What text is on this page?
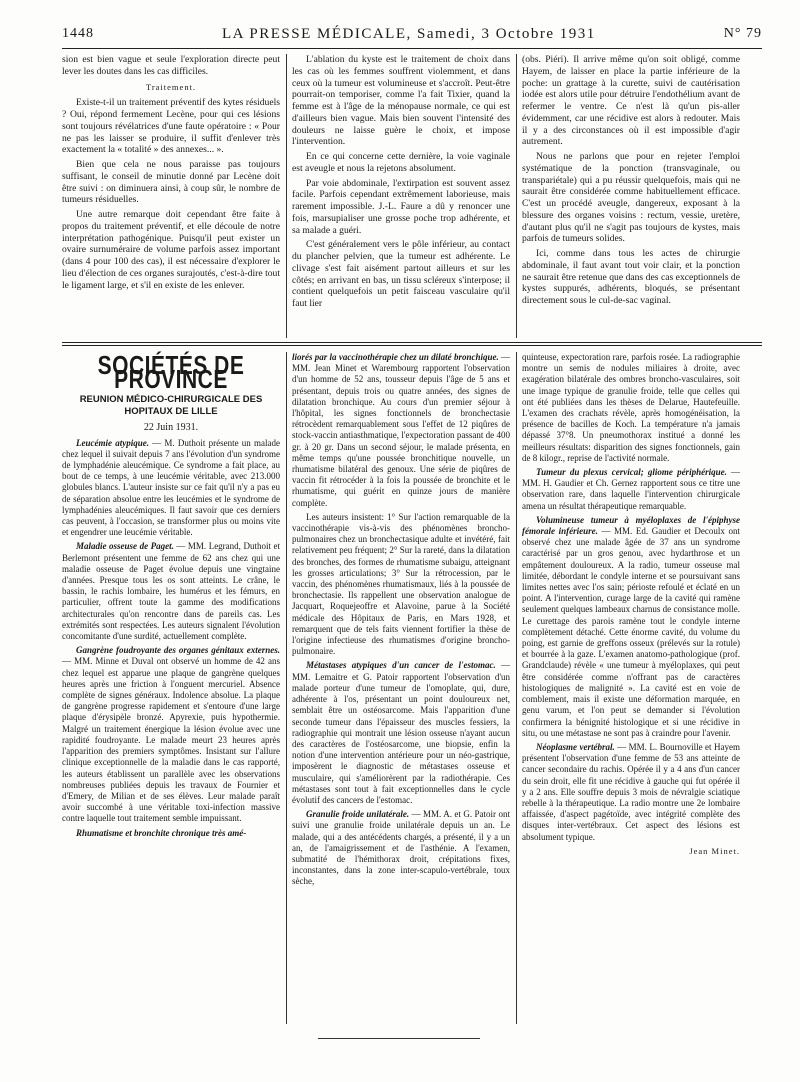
1448	LA PRESSE MÉDICALE, Samedi, 3 Octobre 1931	N° 79

sion est bien vague et seule l'exploration directe peut lever les doutes dans les cas difficiles.

Traitement.

Existe-t-il un traitement préventif des kytes résiduels ? Oui, répond fermement Lecène, pour qui ces lésions sont toujours révélatrices d'une faute opératoire : « Pour ne pas les laisser se produire, il suffit d'enlever très exactement la « totalité » des annexes... ».

Bien que cela ne nous paraisse pas toujours suffisant, le conseil de minutie donné par Lecène doit être suivi : on diminuera ainsi, à coup sûr, le nombre de tumeurs résiduelles.

Une autre remarque doit cependant être faite à propos du traitement préventif, et elle découle de notre interprétation pathogénique. Puisqu'il peut exister un ovaire surnuméraire de volume parfois assez important (dans 4 pour 100 des cas), il est nécessaire d'explorer le lieu d'élection de ces organes surajoutés, c'est-à-dire tout le ligament large, et s'il en existe de les enlever.

L'ablation du kyste est le traitement de choix dans les cas où les femmes souffrent violemment, et dans ceux où la tumeur est volumineuse et s'accroît. Peut-être pourrait-on temporiser, comme l'a fait Tixier, quand la femme est à l'âge de la ménopause normale, ce qui est d'ailleurs bien vague. Mais bien souvent l'intensité des douleurs ne laisse guère le choix, et impose l'intervention.

En ce qui concerne cette dernière, la voie vaginale est aveugle et nous la rejetons absolument.

Par voie abdominale, l'extirpation est souvent assez facile. Parfois cependant extrêmement laborieuse, mais rarement impossible. J.-L. Faure a dû y renoncer une fois, marsupialiser une grosse poche trop adhérente, et sa malade a guéri.

C'est généralement vers le pôle inférieur, au contact du plancher pelvien, que la tumeur est adhérente. Le clivage s'est fait aisément partout ailleurs et sur les côtés; en arrivant en bas, un tissu scléreux s'interpose; il contient quelquefois un petit faisceau vasculaire qu'il faut lier

(obs. Piéri). Il arrive même qu'on soit obligé, comme Hayem, de laisser en place la partie inférieure de la poche: un grattage à la curette, suivi de cautérisation iodée est alors utile pour détruire l'endothélium avant de refermer le ventre. Ce n'est là qu'un pis-aller évidemment, car une récidive est alors à redouter. Mais il y a des circonstances où il est impossible d'agir autrement.

Nous ne parlons que pour en rejeter l'emploi systématique de la ponction (transvaginale, ou transpariétale) qui a pu réussir quelquefois, mais qui ne saurait être considérée comme habituellement efficace. C'est un procédé aveugle, dangereux, exposant à la blessure des organes voisins : rectum, vessie, uretère, d'autant plus qu'il ne s'agit pas toujours de kystes, mais parfois de tumeurs solides.

Ici, comme dans tous les actes de chirurgie abdominale, il faut avant tout voir clair, et la ponction ne saurait être retenue que dans des cas exceptionnels de kystes suppurés, adhérents, bloqués, se présentant directement sous le cul-de-sac vaginal.

SOCIÉTÉS DE PROVINCE
REUNION MÉDICO-CHIRURGICALE DES HOPITAUX DE LILLE
22 Juin 1931.

Leucémie atypique. — M. Duthoit présente un malade chez lequel il suivait depuis 7 ans l'évolution d'un syndrome de lymphadénie aleucémique. Ce syndrome a fait place, au bout de ce temps, à une leucémie véritable, avec 213.000 globules blancs. L'auteur insiste sur ce fait qu'il n'y a pas eu de séparation absolue entre les leucémies et le syndrome de lymphadénies aleucémiques. Il faut savoir que ces derniers cas peuvent, à l'occasion, se transformer plus ou moins vite et engendrer une leucémie véritable.

Maladie osseuse de Paget. — MM. Legrand, Duthoit et Berlemont présentent une femme de 62 ans chez qui une maladie osseuse de Paget évolue depuis une vingtaine d'années. Presque tous les os sont atteints. Le crâne, le bassin, le rachis lombaire, les humérus et les fémurs, en particulier, offrent toute la gamme des modifications architecturales qu'on rencontre dans de pareils cas. Les extrémités sont respectées. Les auteurs signalent l'évolution concomitante d'une surdité, actuellement complète.

Gangrène foudroyante des organes génitaux externes. — MM. Minne et Duval ont observé un homme de 42 ans chez lequel est apparue une plaque de gangrène quelques heures après une friction à l'onguent mercuriel. Absence complète de signes généraux. Indolence absolue. La plaque de gangrène progresse rapidement et s'entoure d'une large plaque d'érysipèle bronzé. Apyrexie, puis hypothermie. Malgré un traitement énergique la lésion évolue avec une rapidité foudroyante. Le malade meurt 23 heures après l'apparition des premiers symptômes. Insistant sur l'allure clinique exceptionnelle de la maladie dans le cas rapporté, les auteurs établissent un parallèle avec les observations nombreuses publiées depuis les travaux de Fournier et d'Emery, de Milian et de ses élèves. Leur malade paraît avoir succombé à une véritable toxi-infection massive contre laquelle tout traitement semble impuissant.

Rhumatisme et bronchite chronique très amé-

liorés par la vaccinothérapie chez un dilaté bronchique. — MM. Jean Minet et Warembourg rapportent l'observation d'un homme de 52 ans, tousseur depuis l'âge de 5 ans et présentant, depuis trois ou quatre années, des signes de dilatation bronchique. Au cours d'un premier séjour à l'hôpital, les signes fonctionnels de bronchectasie rétrocèdent remarquablement sous l'effet de 12 piqûres de stock-vaccin antiasthmatique, l'expectoration passant de 400 gr. à 20 gr. Dans un second séjour, le malade présenta, en même temps qu'une poussée bronchitique nouvelle, un rhumatisme bilatéral des genoux. Une série de piqûres de vaccin fit rétrocéder à la fois la poussée de bronchite et le rhumatisme, qui guérit en quinze jours de manière complète.

Les auteurs insistent: 1° Sur l'action remarquable de la vaccinothérapie vis-à-vis des phénomènes broncho-pulmonaires chez un bronchectasique adulte et invétéré, fait relativement peu fréquent; 2° Sur la rareté, dans la dilatation des bronches, des formes de rhumatisme subaigu, atteignant les grosses articulations; 3° Sur la rétrocession, par le vaccin, des phénomènes rhumatismaux, liés à la poussée de bronchectasie. Ils rappellent une observation analogue de Jacquart, Roquejeoffre et Alavoine, parue à la Société médicale des Hôpitaux de Paris, en Mars 1928, et remarquent que de tels faits viennent fortifier la thèse de l'origine infectieuse des rhumatismes d'origine broncho-pulmonaire.

Métastases atypiques d'un cancer de l'estomac. — MM. Lemaitre et G. Patoir rapportent l'observation d'un malade porteur d'une tumeur de l'omoplate, qui, dure, adhérente à l'os, présentant un point douloureux net, semblait être un ostéosarcome. Mais l'apparition d'une seconde tumeur dans l'épaisseur des muscles fessiers, la radiographie qui montrait une lésion osseuse n'ayant aucun des caractères de l'ostéosarcome, une biopsie, enfin la notion d'une intervention antérieure pour un néo-gastrique, imposèrent le diagnostic de métastases osseuse et musculaire, qui s'améliorèrent par la radiothérapie. Ces métastases sont tout à fait exceptionnelles dans le cycle évolutif des cancers de l'estomac.

Granulie froide unilatérale. — MM. A. et G. Patoir ont suivi une granulie froide unilatérale depuis un an. Le malade, qui a des antécédents chargés, a présenté, il y a un an, de l'amaigrissement et de l'asthénie. A l'examen, submatité de l'hémithorax droit, crépitations fixes, inconstantes, dans la zone inter-scapulo-vertébrale, toux sèche,

quinteuse, expectoration rare, parfois rosée. La radiographie montre un semis de nodules miliaires à droite, avec exagération bilatérale des ombres broncho-vasculaires, soit une image typique de granulie froide, telle que celles qui ont été publiées dans les thèses de Delarue, Hautefeuille. L'examen des crachats révèle, après homogénéisation, la présence de bacilles de Koch. La température n'a jamais dépassé 37°8. Un pneumothorax institué a donné les meilleurs résultats: disparition des signes fonctionnels, gain de 8 kilogr., reprise de l'activité normale.

Tumeur du plexus cervical; gliome périphérique. — MM. H. Gaudier et Ch. Gernez rapportent sous ce titre une observation rare, dans laquelle l'intervention chirurgicale amena un résultat thérapeutique remarquable.

Volumineuse tumeur à myéloplaxes de l'épiphyse fémorale inférieure. — MM. Ed. Gaudier et Decoulx ont observé chez une malade âgée de 37 ans un syndrome caractérisé par un gros genou, avec hydarthrose et un empâtement douloureux. A la radio, tumeur osseuse mal limitée, débordant le condyle interne et se poursuivant sans limites nettes avec l'os sain; périoste refoulé et éclaté en un point. A l'intervention, curage large de la cavité qui ramène seulement quelques lambeaux charnus de consistance molle. Le curettage des parois ramène tout le condyle interne complètement détaché. Cette énorme cavité, du volume du poing, est garnie de greffons osseux (prélevés sur la rotule) et bourrée à la gaze. L'examen anatomo-pathologique (prof. Grandclaude) révèle « une tumeur à myéloplaxes, qui peut être considérée comme n'offrant pas de caractères histologiques de malignité ». La cavité est en voie de comblement, mais il existe une déformation marquée, en genu varum, et l'on peut se demander si l'évolution confirmera la bénignité histologique et si une récidive in situ, ou une métastase ne sont pas à craindre pour l'avenir.

Néoplasme vertébral. — MM. L. Bournoville et Hayem présentent l'observation d'une femme de 53 ans atteinte de cancer secondaire du rachis. Opérée il y a 4 ans d'un cancer du sein droit, elle fit une récidive à gauche qui fut opérée il y a 2 ans. Elle souffre depuis 3 mois de névralgie sciatique rebelle à la thérapeutique. La radio montre une 2e lombaire affaissée, d'aspect pagétoïde, avec intégrité complète des disques inter-vertébraux. Cet aspect des lésions est absolument typique.

Jean Minet.
